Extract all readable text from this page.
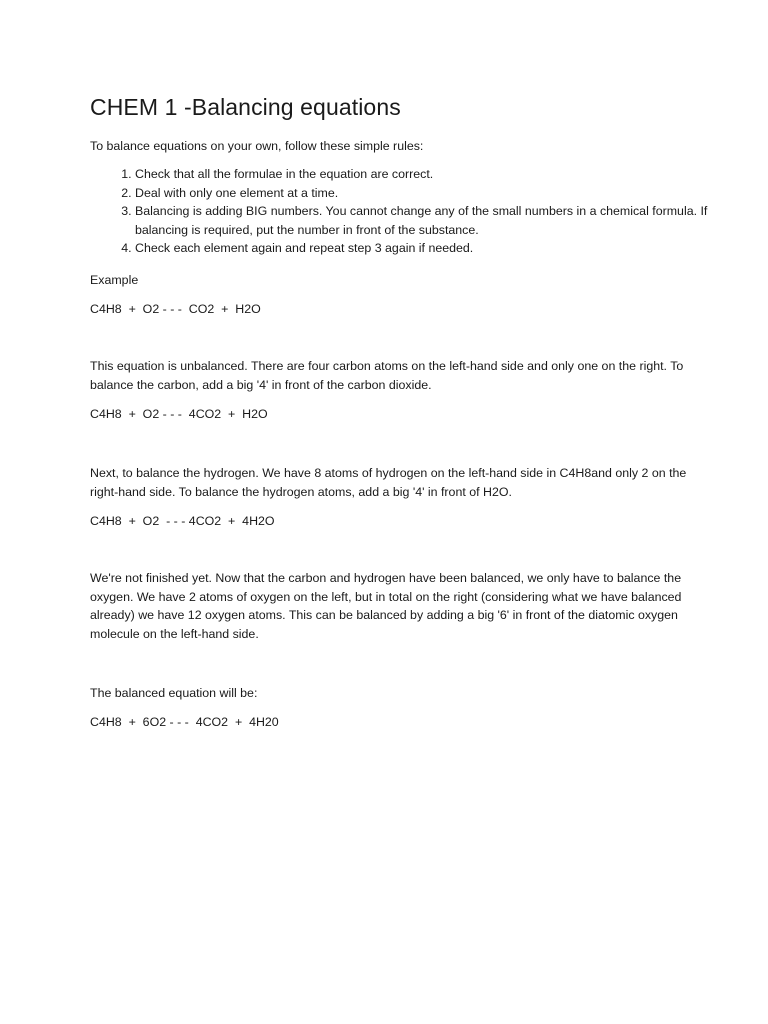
CHEM 1 -Balancing equations

To balance equations on your own, follow these simple rules:

1. Check that all the formulae in the equation are correct.
2. Deal with only one element at a time.
3. Balancing is adding BIG numbers. You cannot change any of the small numbers in a chemical formula. If balancing is required, put the number in front of the substance.
4. Check each element again and repeat step 3 again if needed.

Example

C4H8  +  O2 - - -  CO2  +  H2O

This equation is unbalanced. There are four carbon atoms on the left-hand side and only one on the right. To balance the carbon, add a big '4' in front of the carbon dioxide.

C4H8  +  O2 - - -  4CO2  +  H2O

Next, to balance the hydrogen. We have 8 atoms of hydrogen on the left-hand side in C4H8and only 2 on the right-hand side. To balance the hydrogen atoms, add a big '4' in front of H2O.

C4H8  +  O2  - - - 4CO2  +  4H2O

We're not finished yet. Now that the carbon and hydrogen have been balanced, we only have to balance the oxygen. We have 2 atoms of oxygen on the left, but in total on the right (considering what we have balanced already) we have 12 oxygen atoms. This can be balanced by adding a big '6' in front of the diatomic oxygen molecule on the left-hand side.

The balanced equation will be:

C4H8  +  6O2 - - -  4CO2  +  4H20
